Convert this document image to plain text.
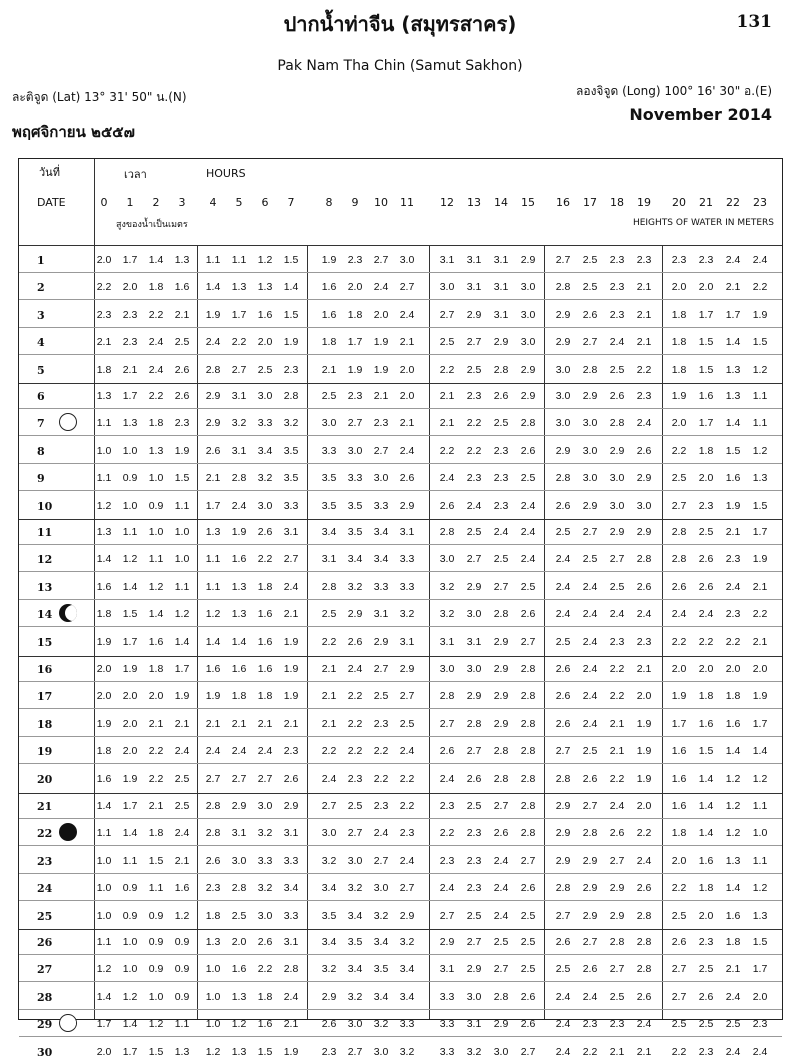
ปากน้ำท่าจีน (สมุทรสาคร)	131
Pak Nam Tha Chin (Samut Sakhon)
ละติจูด (Lat) 13° 31' 50" น.(N)	ลองจิจูด (Long) 100° 16' 30" อ.(E)
พฤศจิกายน ๒๕๕๗
November 2014
วันที่
DATE
เวลา	HOURS
0 1 2 3 4 5 6 7	8 9 10 11 12 13 14 15 16 17 18 19 20 21 22 23
สูงของน้ำเป็นเมตร	HEIGHTS OF WATER IN METERS
1	2.0 1.7 1.4 1.3 1.1 1.1 1.2 1.5 1.9 2.3 2.7 3.0 3.1 3.1 3.1 2.9 2.7 2.5 2.3 2.3 2.3 2.3 2.4 2.4
2	2.2 2.0 1.8 1.6 1.4 1.3 1.3 1.4 1.6 2.0 2.4 2.7 3.0 3.1 3.1 3.0 2.8 2.5 2.3 2.1 2.0 2.0 2.1 2.2
3	2.3 2.3 2.2 2.1 1.9 1.7 1.6 1.5 1.6 1.8 2.0 2.4 2.7 2.9 3.1 3.0 2.9 2.6 2.3 2.1 1.8 1.7 1.7 1.9
4	2.1 2.3 2.4 2.5 2.4 2.2 2.0 1.9 1.8 1.7 1.9 2.1 2.5 2.7 2.9 3.0 2.9 2.7 2.4 2.1 1.8 1.5 1.4 1.5
5	1.8 2.1 2.4 2.6 2.8 2.7 2.5 2.3 2.1 1.9 1.9 2.0 2.2 2.5 2.8 2.9 3.0 2.8 2.5 2.2 1.8 1.5 1.3 1.2
6	1.3 1.7 2.2 2.6 2.9 3.1 3.0 2.8 2.5 2.3 2.1 2.0 2.1 2.3 2.6 2.9 3.0 2.9 2.6 2.3 1.9 1.6 1.3 1.1
7	1.1 1.3 1.8 2.3 2.9 3.2 3.3 3.2 3.0 2.7 2.3 2.1 2.1 2.2 2.5 2.8 3.0 3.0 2.8 2.4 2.0 1.7 1.4 1.1
8	1.0 1.0 1.3 1.9 2.6 3.1 3.4 3.5 3.3 3.0 2.7 2.4 2.2 2.2 2.3 2.6 2.9 3.0 2.9 2.6 2.2 1.8 1.5 1.2
9	1.1 0.9 1.0 1.5 2.1 2.8 3.2 3.5 3.5 3.3 3.0 2.6 2.4 2.3 2.3 2.5 2.8 3.0 3.0 2.9 2.5 2.0 1.6 1.3
10	1.2 1.0 0.9 1.1 1.7 2.4 3.0 3.3 3.5 3.5 3.3 2.9 2.6 2.4 2.3 2.4 2.6 2.9 3.0 3.0 2.7 2.3 1.9 1.5
11	1.3 1.1 1.0 1.0 1.3 1.9 2.6 3.1 3.4 3.5 3.4 3.1 2.8 2.5 2.4 2.4 2.5 2.7 2.9 2.9 2.8 2.5 2.1 1.7
12	1.4 1.2 1.1 1.0 1.1 1.6 2.2 2.7 3.1 3.4 3.4 3.3 3.0 2.7 2.5 2.4 2.4 2.5 2.7 2.8 2.8 2.6 2.3 1.9
13	1.6 1.4 1.2 1.1 1.1 1.3 1.8 2.4 2.8 3.2 3.3 3.3 3.2 2.9 2.7 2.5 2.4 2.4 2.5 2.6 2.6 2.6 2.4 2.1
14	1.8 1.5 1.4 1.2 1.2 1.3 1.6 2.1 2.5 2.9 3.1 3.2 3.2 3.0 2.8 2.6 2.4 2.4 2.4 2.4 2.4 2.4 2.3 2.2
15	1.9 1.7 1.6 1.4 1.4 1.4 1.6 1.9 2.2 2.6 2.9 3.1 3.1 3.1 2.9 2.7 2.5 2.4 2.3 2.3 2.2 2.2 2.2 2.1
16	2.0 1.9 1.8 1.7 1.6 1.6 1.6 1.9 2.1 2.4 2.7 2.9 3.0 3.0 2.9 2.8 2.6 2.4 2.2 2.1 2.0 2.0 2.0 2.0
17	2.0 2.0 2.0 1.9 1.9 1.8 1.8 1.9 2.1 2.2 2.5 2.7 2.8 2.9 2.9 2.8 2.6 2.4 2.2 2.0 1.9 1.8 1.8 1.9
18	1.9 2.0 2.1 2.1 2.1 2.1 2.1 2.1 2.1 2.2 2.3 2.5 2.7 2.8 2.9 2.8 2.6 2.4 2.1 1.9 1.7 1.6 1.6 1.7
19	1.8 2.0 2.2 2.4 2.4 2.4 2.4 2.3 2.2 2.2 2.2 2.4 2.6 2.7 2.8 2.8 2.7 2.5 2.1 1.9 1.6 1.5 1.4 1.4
20	1.6 1.9 2.2 2.5 2.7 2.7 2.7 2.6 2.4 2.3 2.2 2.2 2.4 2.6 2.8 2.8 2.8 2.6 2.2 1.9 1.6 1.4 1.2 1.2
21	1.4 1.7 2.1 2.5 2.8 2.9 3.0 2.9 2.7 2.5 2.3 2.2 2.3 2.5 2.7 2.8 2.9 2.7 2.4 2.0 1.6 1.4 1.2 1.1
22	1.1 1.4 1.8 2.4 2.8 3.1 3.2 3.1 3.0 2.7 2.4 2.3 2.2 2.3 2.6 2.8 2.9 2.8 2.6 2.2 1.8 1.4 1.2 1.0
23	1.0 1.1 1.5 2.1 2.6 3.0 3.3 3.3 3.2 3.0 2.7 2.4 2.3 2.3 2.4 2.7 2.9 2.9 2.7 2.4 2.0 1.6 1.3 1.1
24	1.0 0.9 1.1 1.6 2.3 2.8 3.2 3.4 3.4 3.2 3.0 2.7 2.4 2.3 2.4 2.6 2.8 2.9 2.9 2.6 2.2 1.8 1.4 1.2
25	1.0 0.9 0.9 1.2 1.8 2.5 3.0 3.3 3.5 3.4 3.2 2.9 2.7 2.5 2.4 2.5 2.7 2.9 2.9 2.8 2.5 2.0 1.6 1.3
26	1.1 1.0 0.9 0.9 1.3 2.0 2.6 3.1 3.4 3.5 3.4 3.2 2.9 2.7 2.5 2.5 2.6 2.7 2.8 2.8 2.6 2.3 1.8 1.5
27	1.2 1.0 0.9 0.9 1.0 1.6 2.2 2.8 3.2 3.4 3.5 3.4 3.1 2.9 2.7 2.5 2.5 2.6 2.7 2.8 2.7 2.5 2.1 1.7
28	1.4 1.2 1.0 0.9 1.0 1.3 1.8 2.4 2.9 3.2 3.4 3.4 3.3 3.0 2.8 2.6 2.4 2.4 2.5 2.6 2.7 2.6 2.4 2.0
29	1.7 1.4 1.2 1.1 1.0 1.2 1.6 2.1 2.6 3.0 3.2 3.3 3.3 3.1 2.9 2.6 2.4 2.3 2.3 2.4 2.5 2.5 2.5 2.3
30	2.0 1.7 1.5 1.3 1.2 1.3 1.5 1.9 2.3 2.7 3.0 3.2 3.3 3.2 3.0 2.7 2.4 2.2 2.1 2.1 2.2 2.3 2.4 2.4
